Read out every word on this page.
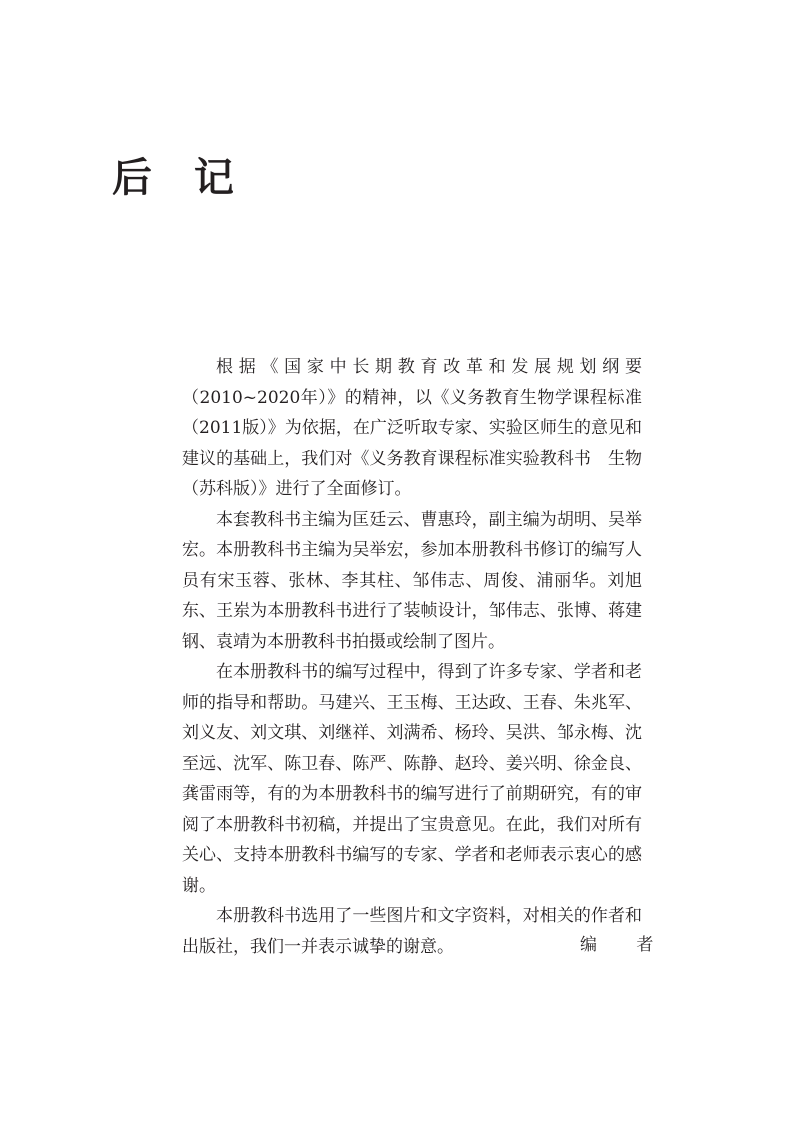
后 记

根据《国家中长期教育改革和发展规划纲要（2010~2020年）》的精神，以《义务教育生物学课程标准（2011版）》为依据，在广泛听取专家、实验区师生的意见和建议的基础上，我们对《义务教育课程标准实验教科书　生物（苏科版）》进行了全面修订。

本套教科书主编为匡廷云、曹惠玲，副主编为胡明、吴举宏。本册教科书主编为吴举宏，参加本册教科书修订的编写人员有宋玉蓉、张林、李其柱、邹伟志、周俊、浦丽华。刘旭东、王岽为本册教科书进行了装帧设计，邹伟志、张博、蒋建钢、袁靖为本册教科书拍摄或绘制了图片。

在本册教科书的编写过程中，得到了许多专家、学者和老师的指导和帮助。马建兴、王玉梅、王达政、王春、朱兆军、刘义友、刘文琪、刘继祥、刘满希、杨玲、吴洪、邹永梅、沈至远、沈军、陈卫春、陈严、陈静、赵玲、姜兴明、徐金良、龚雷雨等，有的为本册教科书的编写进行了前期研究，有的审阅了本册教科书初稿，并提出了宝贵意见。在此，我们对所有关心、支持本册教科书编写的专家、学者和老师表示衷心的感谢。

本册教科书选用了一些图片和文字资料，对相关的作者和出版社，我们一并表示诚挚的谢意。	编 者
